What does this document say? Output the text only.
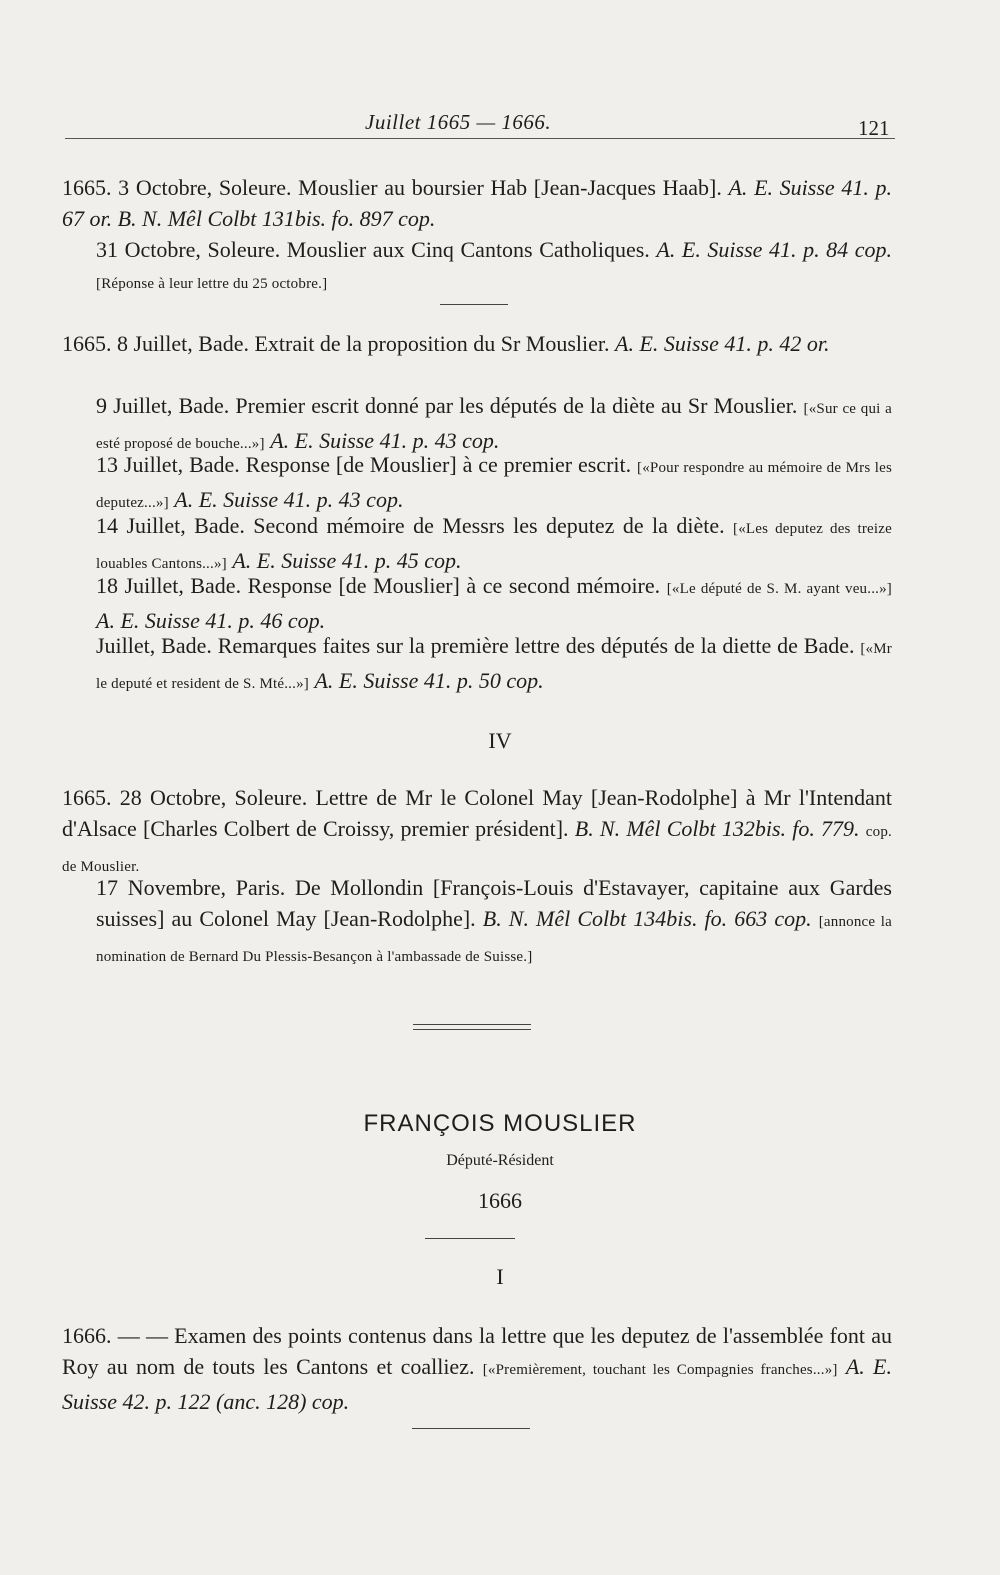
Juillet 1665 — 1666.	121
1665. 3 Octobre, Soleure. Mouslier au boursier Hab [Jean-Jacques Haab]. A. E. Suisse 41. p. 67 or. B. N. Mêl Colbt 131bis. fo. 897 cop.
31 Octobre, Soleure. Mouslier aux Cinq Cantons Catholiques. A. E. Suisse 41. p. 84 cop. [Réponse à leur lettre du 25 octobre.]
1665. 8 Juillet, Bade. Extrait de la proposition du Sr Mouslier. A. E. Suisse 41. p. 42 or.
9 Juillet, Bade. Premier escrit donné par les députés de la diète au Sr Mouslier. [«Sur ce qui a esté proposé de bouche...»] A. E. Suisse 41. p. 43 cop.
13 Juillet, Bade. Response [de Mouslier] à ce premier escrit. [«Pour respondre au mémoire de Mrs les deputez...»] A. E. Suisse 41. p. 43 cop.
14 Juillet, Bade. Second mémoire de Messrs les deputez de la diète. [«Les deputez des treize louables Cantons...»] A. E. Suisse 41. p. 45 cop.
18 Juillet, Bade. Response [de Mouslier] à ce second mémoire. [«Le député de S. M. ayant veu...»] A. E. Suisse 41. p. 46 cop.
Juillet, Bade. Remarques faites sur la première lettre des députés de la diette de Bade. [«Mr le deputé et resident de S. Mté...»] A. E. Suisse 41. p. 50 cop.
IV
1665. 28 Octobre, Soleure. Lettre de Mr le Colonel May [Jean-Rodolphe] à Mr l'Intendant d'Alsace [Charles Colbert de Croissy, premier président]. B. N. Mêl Colbt 132bis. fo. 779. cop. de Mouslier.
17 Novembre, Paris. De Mollondin [François-Louis d'Estavayer, capitaine aux Gardes suisses] au Colonel May [Jean-Rodolphe]. B. N. Mêl Colbt 134bis. fo. 663 cop. [annonce la nomination de Bernard Du Plessis-Besançon à l'ambassade de Suisse.]
FRANÇOIS MOUSLIER
Député-Résident
1666
I
1666. — — Examen des points contenus dans la lettre que les deputez de l'assemblée font au Roy au nom de touts les Cantons et coalliez. [«Premièrement, touchant les Compagnies franches...»] A. E. Suisse 42. p. 122 (anc. 128) cop.
